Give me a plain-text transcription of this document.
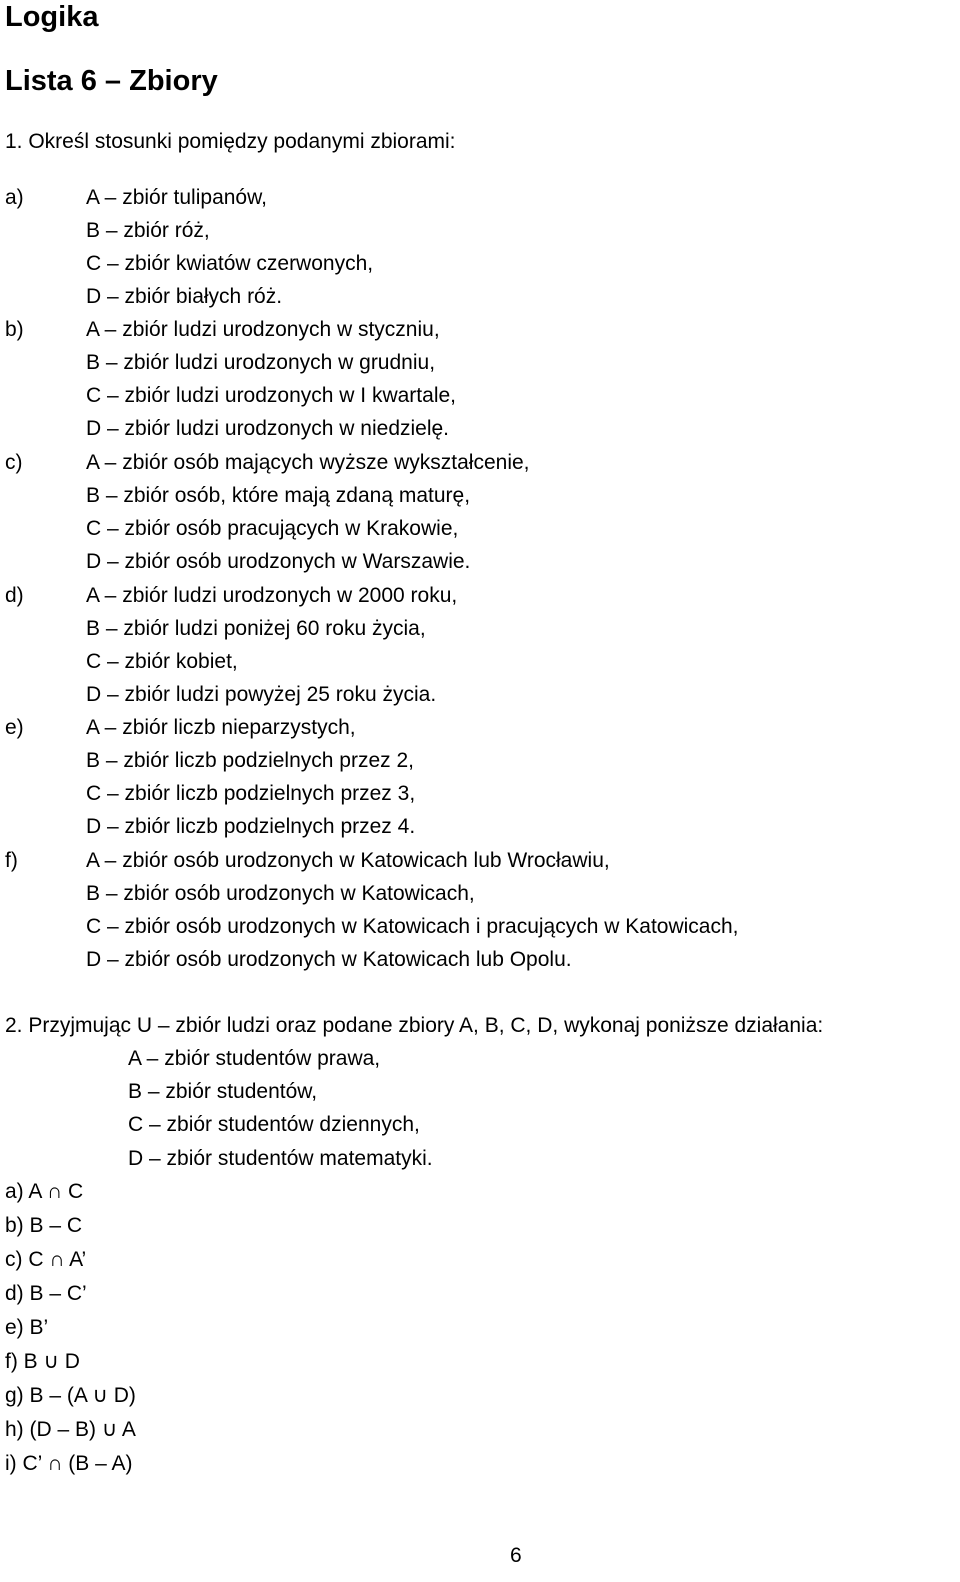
Logika
Lista 6 – Zbiory
1. Określ stosunki pomiędzy podanymi zbiorami:
a)	A – zbiór tulipanów,
B – zbiór róż,
C – zbiór kwiatów czerwonych,
D – zbiór białych róż.
b)	A – zbiór ludzi urodzonych w styczniu,
B – zbiór ludzi urodzonych w grudniu,
C – zbiór ludzi urodzonych w I kwartale,
D – zbiór ludzi urodzonych w niedzielę.
c)	A – zbiór osób mających wyższe wykształcenie,
B – zbiór osób, które mają zdaną maturę,
C – zbiór osób pracujących w Krakowie,
D – zbiór osób urodzonych w Warszawie.
d)	A – zbiór ludzi urodzonych w 2000 roku,
B – zbiór ludzi poniżej 60 roku życia,
C – zbiór kobiet,
D – zbiór ludzi powyżej 25 roku życia.
e)	A – zbiór liczb nieparzystych,
B – zbiór liczb podzielnych przez 2,
C – zbiór liczb podzielnych przez 3,
D – zbiór liczb podzielnych przez 4.
f)	A – zbiór osób urodzonych w Katowicach lub Wrocławiu,
B – zbiór osób urodzonych w Katowicach,
C – zbiór osób urodzonych w Katowicach i pracujących w Katowicach,
D – zbiór osób urodzonych w Katowicach lub Opolu.
2. Przyjmując U – zbiór ludzi oraz podane zbiory A, B, C, D, wykonaj poniższe działania:
A – zbiór studentów prawa,
B – zbiór studentów,
C – zbiór studentów dziennych,
D – zbiór studentów matematyki.
a) A ∩ C
b) B – C
c) C ∩ A’
d) B – C’
e) B’
f) B ∪ D
g) B – (A ∪ D)
h) (D – B) ∪ A
i) C’ ∩ (B – A)
6
